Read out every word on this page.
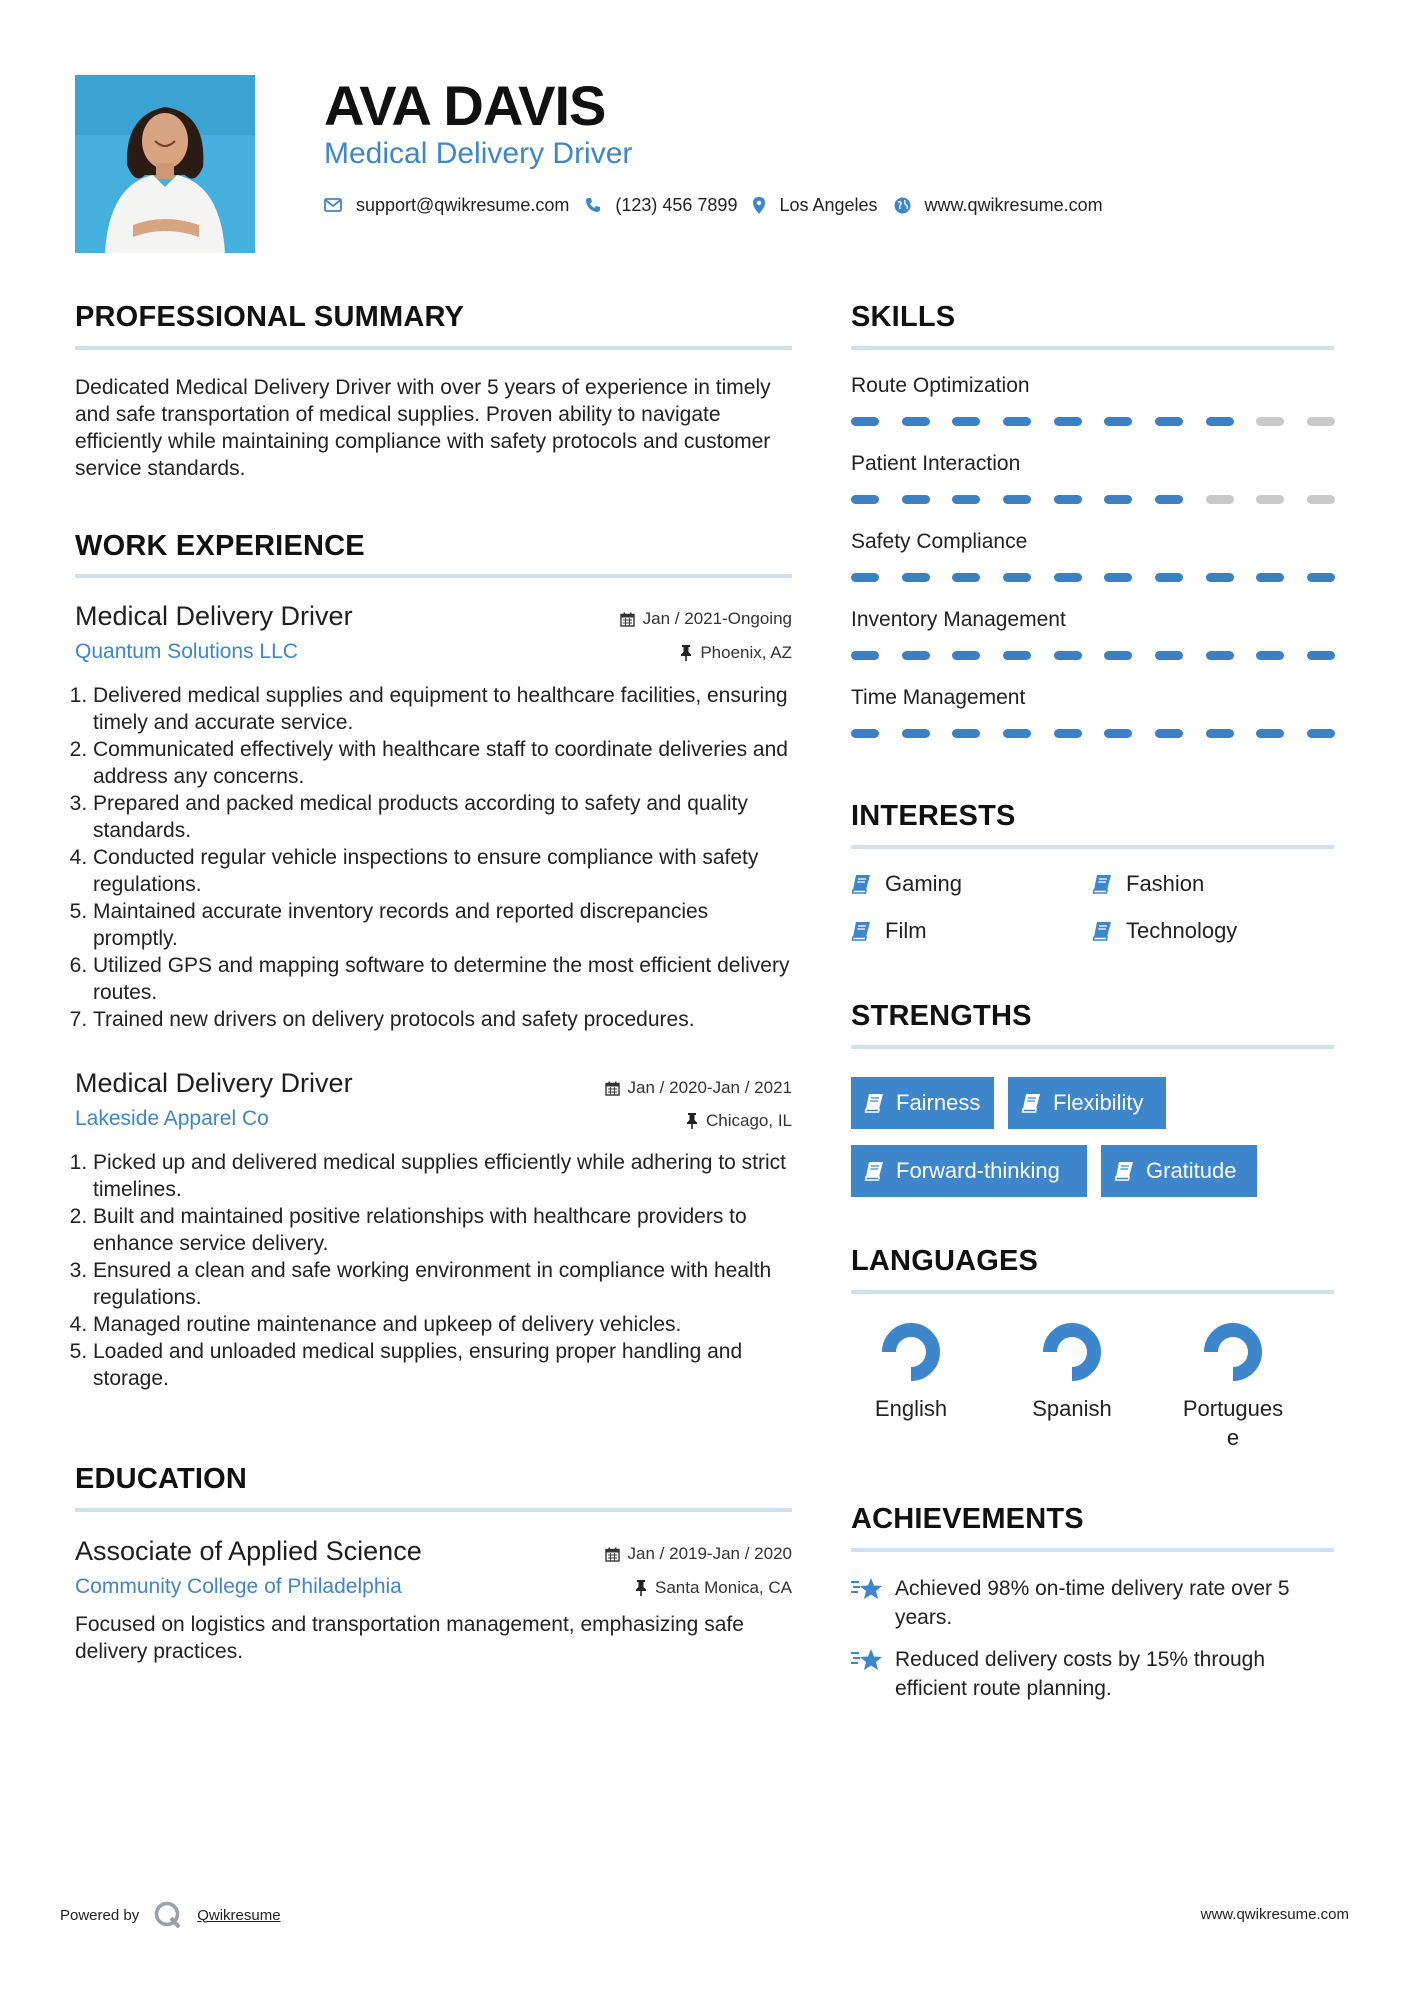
AVA DAVIS
Medical Delivery Driver
support@qwikresume.com	(123) 456 7899 Los Angeles	www.qwikresume.com
PROFESSIONAL SUMMARY
Dedicated Medical Delivery Driver with over 5 years of experience in timely and safe transportation of medical supplies. Proven ability to navigate efficiently while maintaining compliance with safety protocols and customer service standards.
WORK EXPERIENCE
Medical Delivery Driver
Quantum Solutions LLC
Jan / 2021-Ongoing
Phoenix, AZ
1. Delivered medical supplies and equipment to healthcare facilities, ensuring timely and accurate service.
2. Communicated effectively with healthcare staff to coordinate deliveries and address any concerns.
3. Prepared and packed medical products according to safety and quality standards.
4. Conducted regular vehicle inspections to ensure compliance with safety regulations.
5. Maintained accurate inventory records and reported discrepancies promptly.
6. Utilized GPS and mapping software to determine the most efficient delivery routes.
7. Trained new drivers on delivery protocols and safety procedures.
Medical Delivery Driver
Lakeside Apparel Co
Jan / 2020-Jan / 2021
Chicago, IL
1. Picked up and delivered medical supplies efficiently while adhering to strict timelines.
2. Built and maintained positive relationships with healthcare providers to enhance service delivery.
3. Ensured a clean and safe working environment in compliance with health regulations.
4. Managed routine maintenance and upkeep of delivery vehicles.
5. Loaded and unloaded medical supplies, ensuring proper handling and storage.
EDUCATION
Associate of Applied Science
Community College of Philadelphia
Jan / 2019-Jan / 2020
Santa Monica, CA
Focused on logistics and transportation management, emphasizing safe delivery practices.
SKILLS
Route Optimization
Patient Interaction
Safety Compliance
Inventory Management
Time Management
INTERESTS
Gaming	Fashion
Film	Technology
STRENGTHS
Fairness	Flexibility
Forward-thinking	Gratitude
LANGUAGES
English	Spanish	Portugues e
ACHIEVEMENTS
Achieved 98% on-time delivery rate over 5 years.
Reduced delivery costs by 15% through efficient route planning.
Powered by	Qwikresume	www.qwikresume.com
